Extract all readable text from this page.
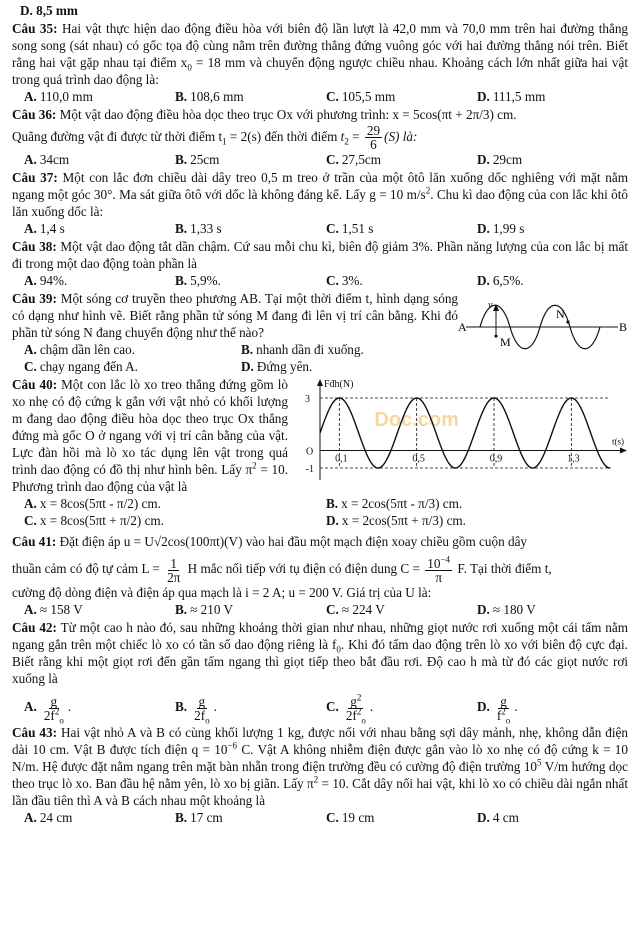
D. 8,5 mm
Câu 35: Hai vật thực hiện dao động điều hòa với biên độ lần lượt là 42,0 mm và 70,0 mm trên hai đường thẳng song song (sát nhau) có gốc tọa độ cùng nằm trên đường thẳng đứng vuông góc với hai đường thẳng nói trên. Biết rằng hai vật gặp nhau tại điểm $x_0 = 18$ mm và chuyển động ngược chiều nhau. Khoảng cách lớn nhất giữa hai vật trong quá trình dao động là:
A. 110,0 mm	B. 108,6 mm	C. 105,5 mm	D. 111,5 mm
Câu 36: Một vật dao động điều hòa dọc theo trục Ox với phương trình: x = 5cos(πt + 2π/3) cm.
Quãng đường vật đi được từ thời điểm $t_1 = 2(s)$ đến thời điểm $t_2 = \frac{29}{6} (S)$ là:
A. 34cm	B. 25cm	C. 27,5cm	D. 29cm
Câu 37: Một con lắc đơn chiều dài dây treo 0,5 m treo ở trần của một ôtô lăn xuống dốc nghiêng với mặt nằm ngang một góc 30°. Ma sát giữa ôtô với dốc là không đáng kể. Lấy g = 10 $m/s^2$. Chu kì dao động của con lắc khi ôtô lăn xuống dốc là:
A. 1,4 s	B. 1,33 s	C. 1,51 s	D. 1,99 s
Câu 38: Một vật dao động tắt dần chậm. Cứ sau mỗi chu kì, biên độ giảm 3%. Phần năng lượng của con lắc bị mất đi trong một dao động toàn phần là
A. 94%.	B. 5,9%.	C. 3%.	D. 6,5%.
v
M
N
A	B
Câu 39: Một sóng cơ truyền theo phương AB. Tại một thời điểm t, hình dạng sóng có dạng như hình vẽ. Biết rằng phần tử sóng M đang đi lên vị trí cân bằng. Khi đó phần tử sóng N đang chuyển động như thế nào?
A. chậm dần lên cao.	B. nhanh dần đi xuống.
C. chạy ngang đến A.	D. Đứng yên.
Doc.com
Fđh(N)
t(s)
O
3
-1
0,1	0,5	0,9	1,3
Câu 40: Một con lắc lò xo treo thẳng đứng gồm lò xo nhẹ có độ cứng k gắn với vật nhỏ có khối lượng m đang dao động điều hòa dọc theo trục Ox thẳng đứng mà gốc O ở ngang với vị trí cân bằng của vật. Lực đàn hồi mà lò xo tác dụng lên vật trong quá trình dao động có đồ thị như hình bên. Lấy $\pi^2 = 10$. Phương trình dao động của vật là
A. x = 8cos(5πt - π/2) cm.	B. x = 2cos(5πt - π/3) cm.
C. x = 8cos(5πt + π/2) cm.	D. x = 2cos(5πt + π/3) cm.
Câu 41: Đặt điện áp u = U√2cos(100πt)(V) vào hai đầu một mạch điện xoay chiều gồm cuộn dây
thuần cảm có độ tự cảm $L = \frac{1}{2\pi}$ H mắc nối tiếp với tụ điện có điện dung $C = \frac{10^{-4}}{\pi} F$. Tại thời điểm t,
cường độ dòng điện và điện áp qua mạch là i = 2 A; u = 200 V. Giá trị của U là:
A. ≈ 158 V	B. ≈ 210 V	C. ≈ 224 V	D. ≈ 180 V
Câu 42: Từ một cao h nào đó, sau những khoảng thời gian như nhau, những giọt nước rơi xuống một cái tấm nằm ngang gắn trên một chiếc lò xo có tần số dao động riêng là $f_0$. Khi đó tấm dao động trên lò xo với biên độ cực đại. Biết rằng khi một giọt rơi đến gần tấm ngang thì giọt tiếp theo bắt đầu rơi. Độ cao h mà từ đó các giọt nước rơi xuống là
A. $\frac{g}{2f^2_o}$ .	B. $\frac{g}{2f_o}$ .	C. $\frac{g^2}{2f^2_o}$ .	D. $\frac{g}{f^2_o}$ .
Câu 43: Hai vật nhỏ A và B có cùng khối lượng 1 kg, được nối với nhau bằng sợi dây mảnh, nhẹ, không dẫn điện dài 10 cm. Vật B được tích điện $q = 10^{-6}$ C. Vật A không nhiễm điện được gắn vào lò xo nhẹ có độ cứng k = 10 N/m. Hệ được đặt nằm ngang trên mặt bàn nhẵn trong điện trường đều có cường độ điện trường $10^5$ V/m hướng dọc theo trục lò xo. Ban đầu hệ nằm yên, lò xo bị giãn. Lấy $\pi^2 = 10$. Cắt dây nối hai vật, khi lò xo có chiều dài ngắn nhất lần đầu tiên thì A và B cách nhau một khoảng là
A. 24 cm	B. 17 cm	C. 19 cm	D. 4 cm
